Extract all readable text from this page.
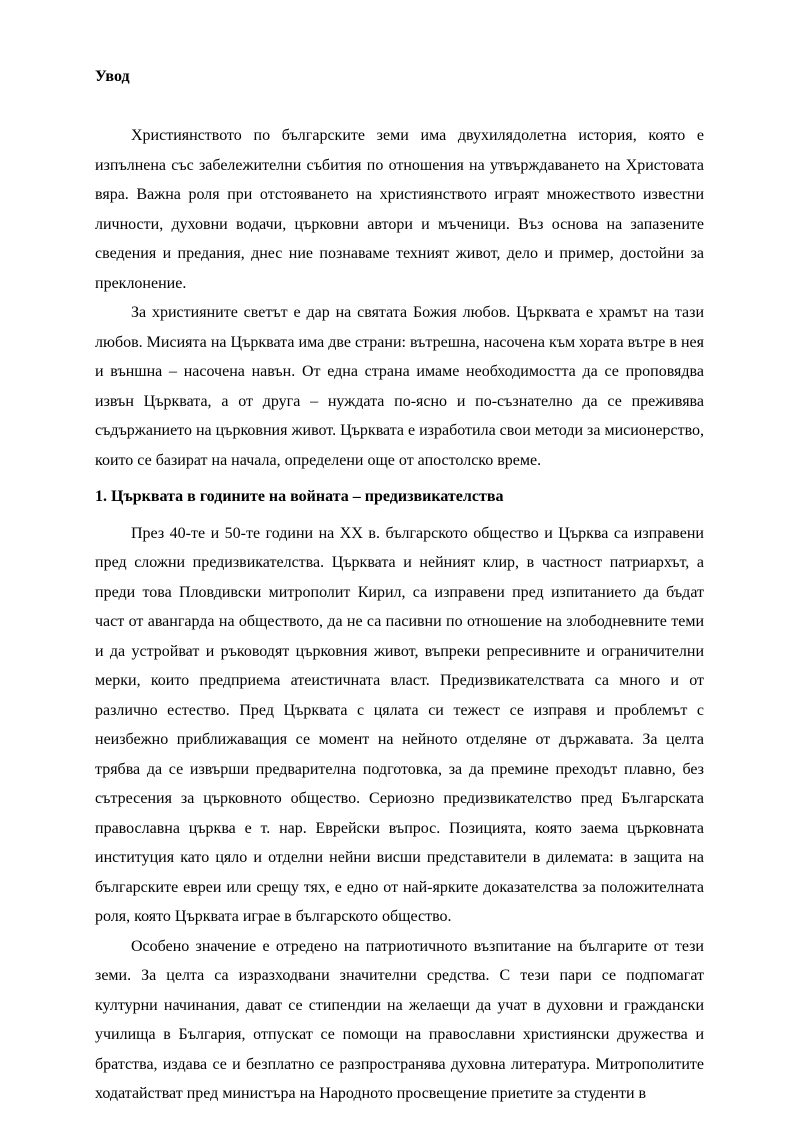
Увод

Християнството по българските земи има двухилядолетна история, която е изпълнена със забележителни събития по отношения на утвърждаването на Христовата вяра. Важна роля при отстояването на християнството играят множеството известни личности, духовни водачи, църковни автори и мъченици. Въз основа на запазените сведения и предания, днес ние познаваме техният живот, дело и пример, достойни за преклонение.

За християните светът е дар на святата Божия любов. Църквата е храмът на тази любов. Мисията на Църквата има две страни: вътрешна, насочена към хората вътре в нея и външна – насочена навън. От една страна имаме необходимостта да се проповядва извън Църквата, а от друга – нуждата по-ясно и по-съзнателно да се преживява съдържанието на църковния живот. Църквата е изработила свои методи за мисионерство, които се базират на начала, определени още от апостолско време.

1. Църквата в годините на войната – предизвикателства

През 40-те и 50-те години на XX в. българското общество и Църква са изправени пред сложни предизвикателства. Църквата и нейният клир, в частност патриархът, а преди това Пловдивски митрополит Кирил, са изправени пред изпитанието да бъдат част от авангарда на обществото, да не са пасивни по отношение на злободневните теми и да устройват и ръководят църковния живот, въпреки репресивните и ограничителни мерки, които предприема атеистичната власт. Предизвикателствата са много и от различно естество. Пред Църквата с цялата си тежест се изправя и проблемът с неизбежно приближаващия се момент на нейното отделяне от държавата. За целта трябва да се извърши предварителна подготовка, за да премине преходът плавно, без сътресения за църковното общество. Сериозно предизвикателство пред Българската православна църква е т. нар. Еврейски въпрос. Позицията, която заема църковната институция като цяло и отделни нейни висши представители в дилемата: в защита на българските евреи или срещу тях, е едно от най-ярките доказателства за положителната роля, която Църквата играе в българското общество.

Особено значение е отредено на патриотичното възпитание на българите от тези земи. За целта са изразходвани значителни средства. С тези пари се подпомагат културни начинания, дават се стипендии на желаещи да учат в духовни и граждански училища в България, отпускат се помощи на православни християнски дружества и братства, издава се и безплатно се разпространява духовна литература. Митрополитите ходатайстват пред министъра на Народното просвещение приетите за студенти в
